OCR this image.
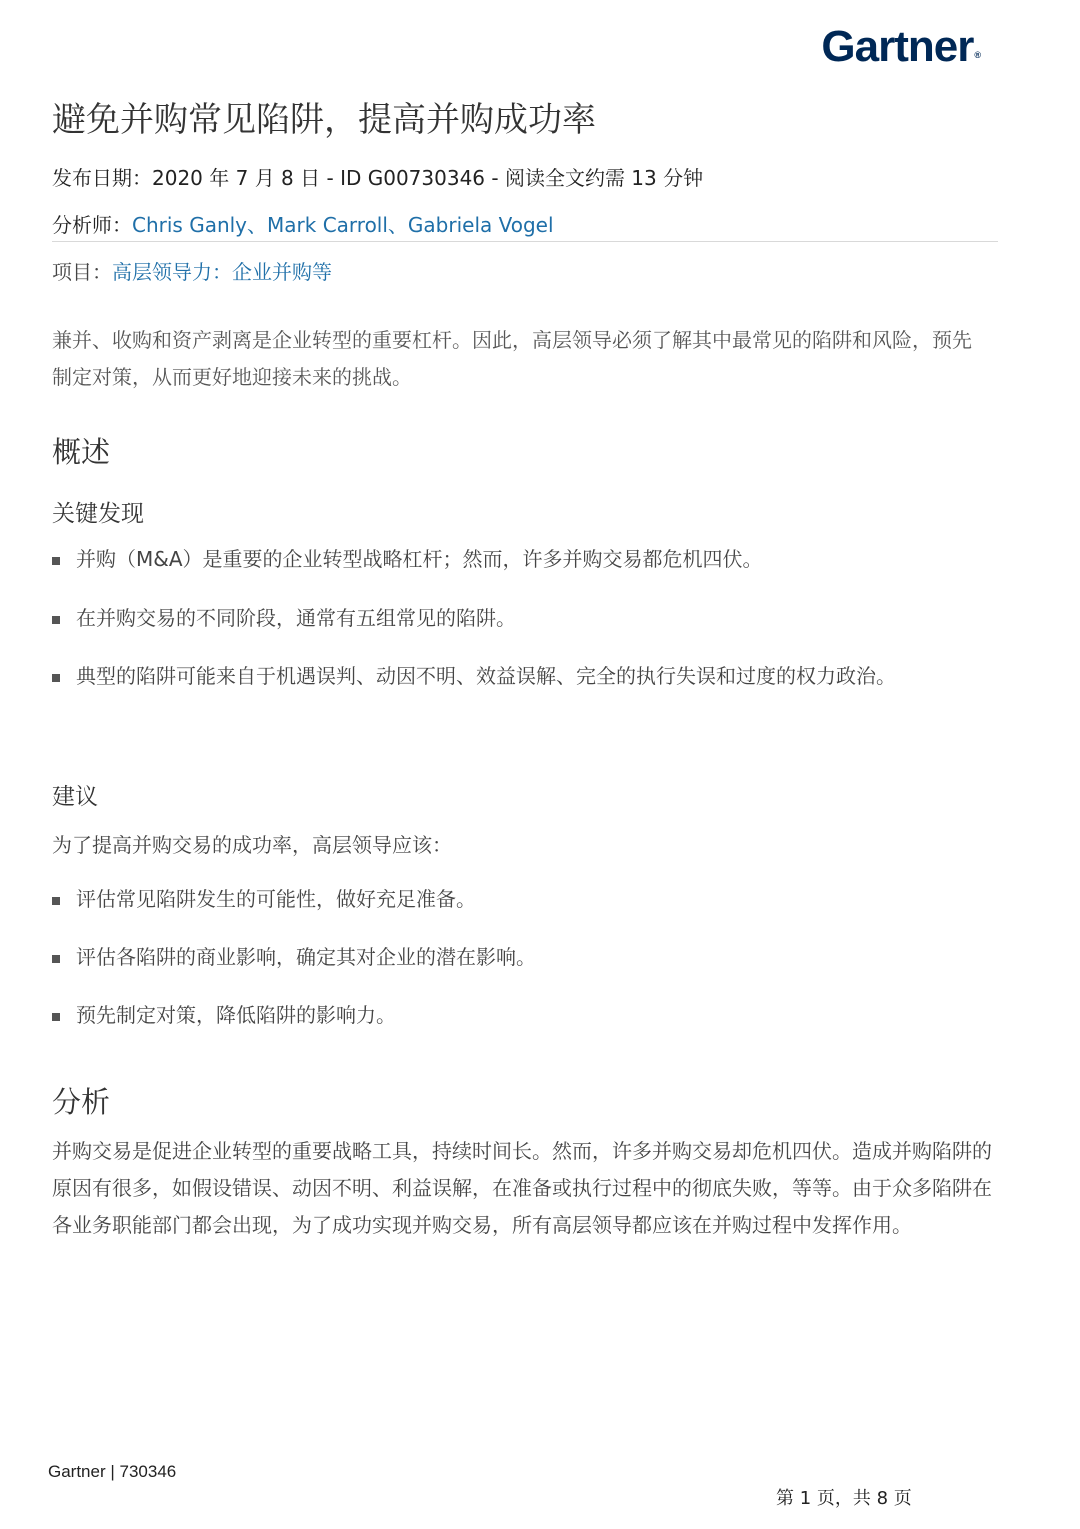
Gartner®
避免并购常见陷阱，提高并购成功率
发布日期：2020 年 7 月 8 日 - ID G00730346 - 阅读全文约需 13 分钟
分析师：Chris Ganly、Mark Carroll、Gabriela Vogel
项目：高层领导力：企业并购等

兼并、收购和资产剥离是企业转型的重要杠杆。因此，高层领导必须了解其中最常见的陷阱和风险，预先制定对策，从而更好地迎接未来的挑战。

概述
关键发现
并购（M&A）是重要的企业转型战略杠杆；然而，许多并购交易都危机四伏。
在并购交易的不同阶段，通常有五组常见的陷阱。
典型的陷阱可能来自于机遇误判、动因不明、效益误解、完全的执行失误和过度的权力政治。
建议

为了提高并购交易的成功率，高层领导应该：

评估常见陷阱发生的可能性，做好充足准备。
评估各陷阱的商业影响，确定其对企业的潜在影响。
预先制定对策，降低陷阱的影响力。
分析

并购交易是促进企业转型的重要战略工具，持续时间长。然而，许多并购交易却危机四伏。造成并购陷阱的原因有很多，如假设错误、动因不明、利益误解，在准备或执行过程中的彻底失败，等等。由于众多陷阱在各业务职能部门都会出现，为了成功实现并购交易，所有高层领导都应该在并购过程中发挥作用。

Gartner | 730346
第 1 页，共 8 页
